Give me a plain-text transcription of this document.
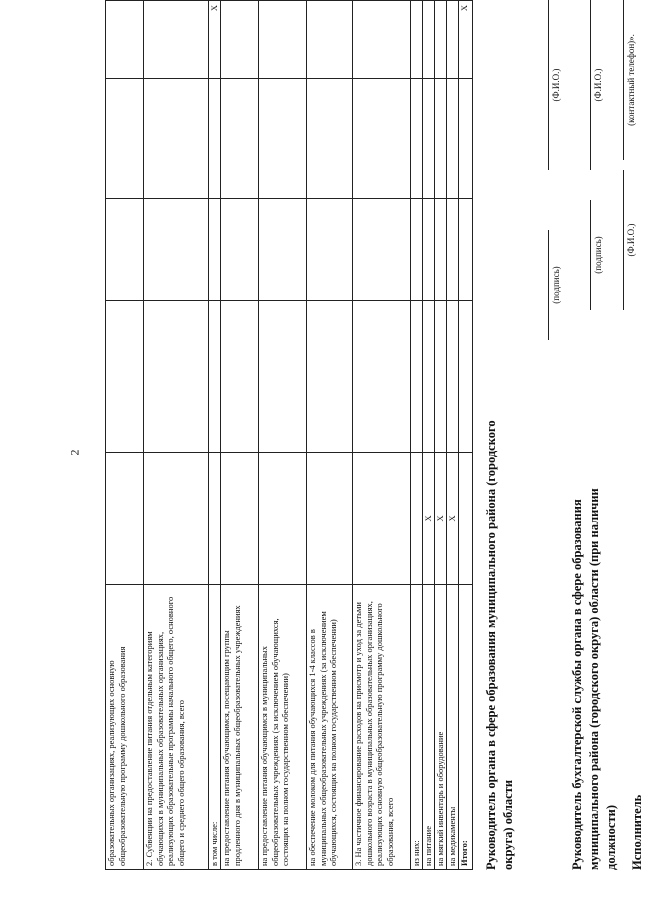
2
образовательных организациях, реализующих основную общеобразовательную программу дошкольного образования					
2. Субвенции на предоставление питания отдельным категориям обучающихся в муниципальных образовательных организациях, реализующих образовательные программы начального общего, основного общего и среднего общего образования, всего					
в том числе:					X
на предоставление питания обучающимся, посещающим группы продленного дня в муниципальных общеобразовательных учреждениях					
на предоставление питания обучающимся в муниципальных общеобразовательных учреждениях (за исключением обучающихся, состоящих на полном государственном обеспечении)					
на обеспечение молоком для питания обучающихся 1-4 классов в муниципальных общеобразовательных учреждениях (за исключением обучающихся, состоящих на полном государственном обеспечении)					
3. На частичное финансирование расходов на присмотр и уход за детьми дошкольного возраста в муниципальных образовательных организациях, реализующих основную общеобразовательную программу дошкольного образования, всего					
из них:					
на питание	X				
на мягкий инвентарь и оборудование	X				
на медикаменты	X				
Итого:					X
Руководитель органа в сфере образования муниципального района (городского округа) области
(подпись)
(Ф.И.О.)
Руководитель бухгалтерской службы органа в сфере образования муниципального района (городского округа) области (при наличии должности)
(подпись)
(Ф.И.О.)
Исполнитель
(Ф.И.О.)
(контактный телефон)».
